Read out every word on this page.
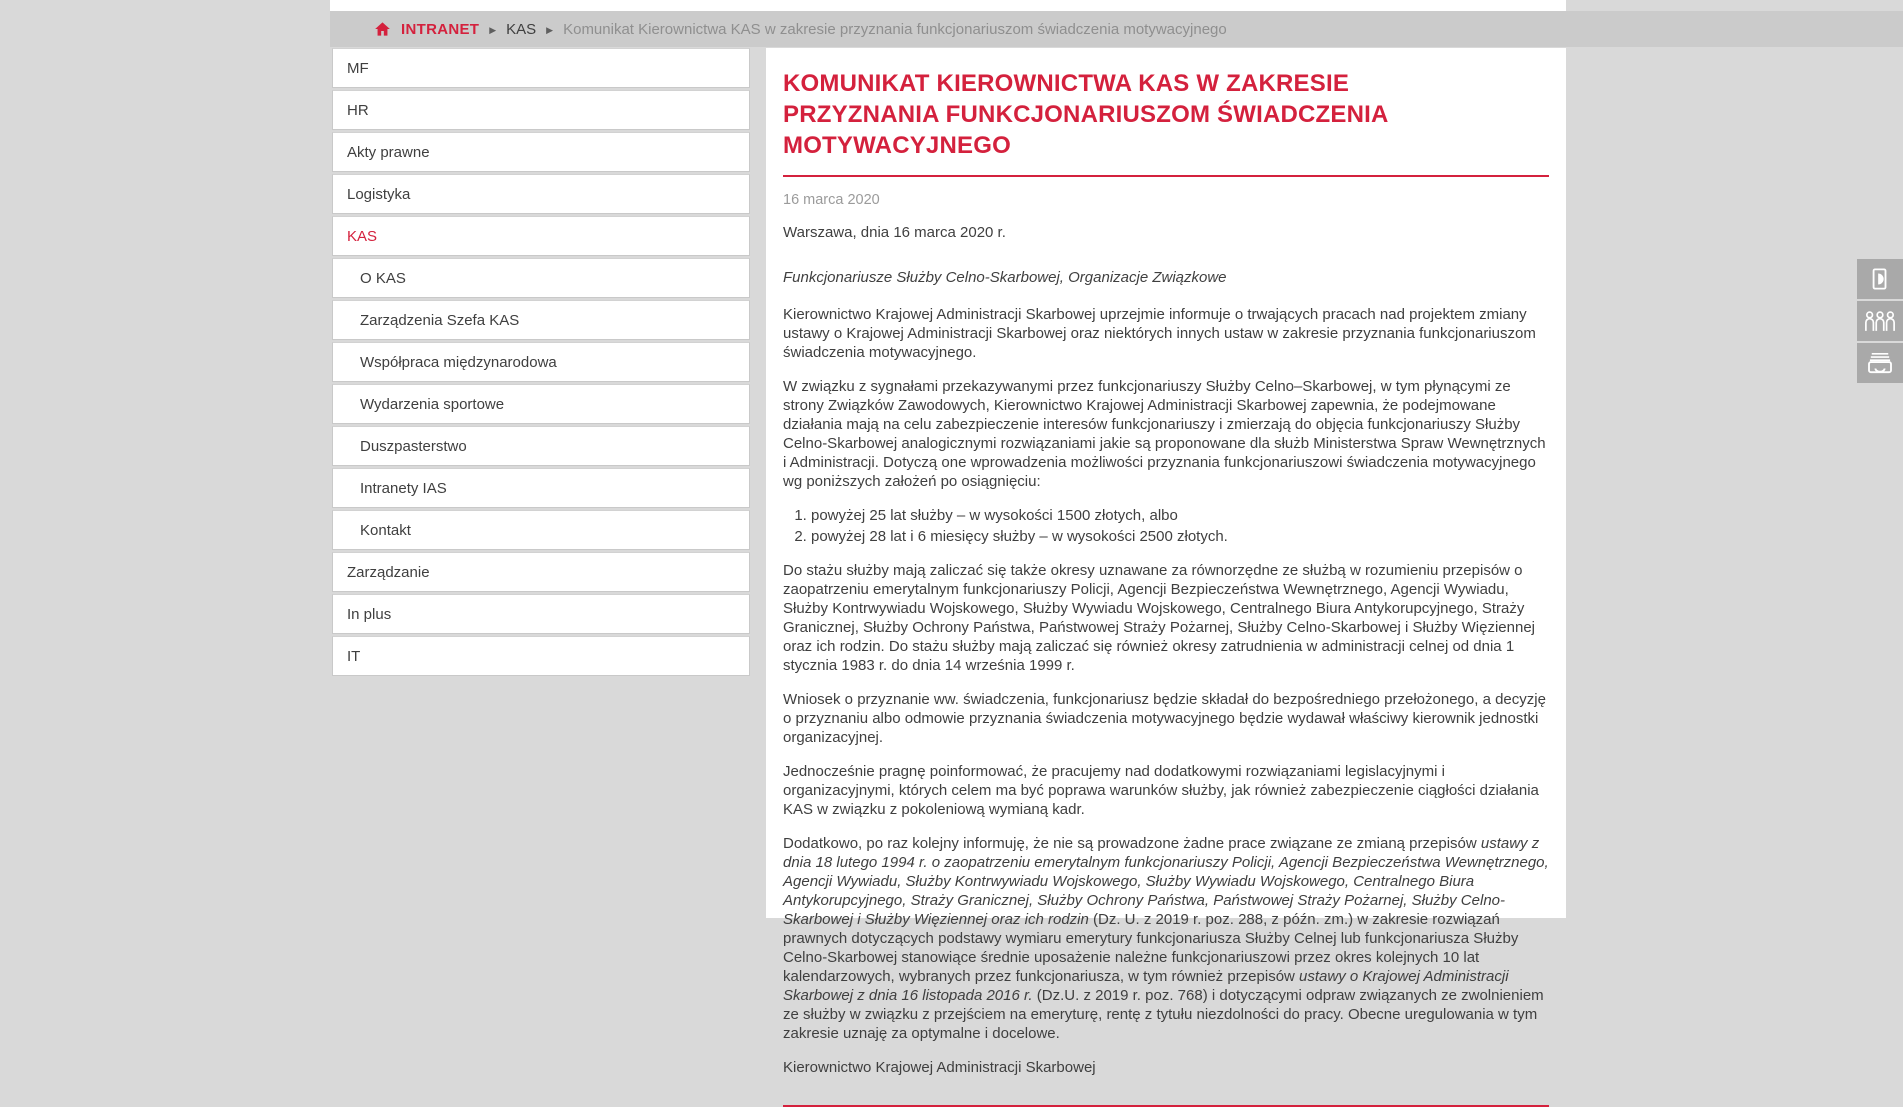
INTRANET ▶ KAS ▶ Komunikat Kierownictwa KAS w zakresie przyznania funkcjonariuszom świadczenia motywacyjnego
MF
HR
Akty prawne
Logistyka
KAS
O KAS
Zarządzenia Szefa KAS
Współpraca międzynarodowa
Wydarzenia sportowe
Duszpasterstwo
Intranety IAS
Kontakt
Zarządzanie
In plus
IT
KOMUNIKAT KIEROWNICTWA KAS W ZAKRESIE PRZYZNANIA FUNKCJONARIUSZOM ŚWIADCZENIA MOTYWACYJNEGO
16 marca 2020

Warszawa, dnia 16 marca 2020 r.

Funkcjonariusze Służby Celno-Skarbowej, Organizacje Związkowe

Kierownictwo Krajowej Administracji Skarbowej uprzejmie informuje o trwających pracach nad projektem zmiany ustawy o Krajowej Administracji Skarbowej oraz niektórych innych ustaw w zakresie przyznania funkcjonariuszom świadczenia motywacyjnego.

W związku z sygnałami przekazywanymi przez funkcjonariuszy Służby Celno–Skarbowej, w tym płynącymi ze strony Związków Zawodowych, Kierownictwo Krajowej Administracji Skarbowej zapewnia, że podejmowane działania mają na celu zabezpieczenie interesów funkcjonariuszy i zmierzają do objęcia funkcjonariuszy Służby Celno-Skarbowej analogicznymi rozwiązaniami jakie są proponowane dla służb Ministerstwa Spraw Wewnętrznych i Administracji. Dotyczą one wprowadzenia możliwości przyznania funkcjonariuszowi świadczenia motywacyjnego wg poniższych założeń po osiągnięciu:

1. powyżej 25 lat służby – w wysokości 1500 złotych, albo
2. powyżej 28 lat i 6 miesięcy służby – w wysokości 2500 złotych.

Do stażu służby mają zaliczać się także okresy uznawane za równorzędne ze służbą w rozumieniu przepisów o zaopatrzeniu emerytalnym funkcjonariuszy Policji, Agencji Bezpieczeństwa Wewnętrznego, Agencji Wywiadu, Służby Kontrwywiadu Wojskowego, Służby Wywiadu Wojskowego, Centralnego Biura Antykorupcyjnego, Straży Granicznej, Służby Ochrony Państwa, Państwowej Straży Pożarnej, Służby Celno-Skarbowej i Służby Więziennej oraz ich rodzin. Do stażu służby mają zaliczać się również okresy zatrudnienia w administracji celnej od dnia 1 stycznia 1983 r. do dnia 14 września 1999 r.

Wniosek o przyznanie ww. świadczenia, funkcjonariusz będzie składał do bezpośredniego przełożonego, a decyzję o przyznaniu albo odmowie przyznania świadczenia motywacyjnego będzie wydawał właściwy kierownik jednostki organizacyjnej.

Jednocześnie pragnę poinformować, że pracujemy nad dodatkowymi rozwiązaniami legislacyjnymi i organizacyjnymi, których celem ma być poprawa warunków służby, jak również zabezpieczenie ciągłości działania KAS w związku z pokoleniową wymianą kadr.

Dodatkowo, po raz kolejny informuję, że nie są prowadzone żadne prace związane ze zmianą przepisów ustawy z dnia 18 lutego 1994 r. o zaopatrzeniu emerytalnym funkcjonariuszy Policji, Agencji Bezpieczeństwa Wewnętrznego, Agencji Wywiadu, Służby Kontrwywiadu Wojskowego, Służby Wywiadu Wojskowego, Centralnego Biura Antykorupcyjnego, Straży Granicznej, Służby Ochrony Państwa, Państwowej Straży Pożarnej, Służby Celno-Skarbowej i Służby Więziennej oraz ich rodzin (Dz. U. z 2019 r. poz. 288, z późn. zm.) w zakresie rozwiązań prawnych dotyczących podstawy wymiaru emerytury funkcjonariusza Służby Celnej lub funkcjonariusza Służby Celno-Skarbowej stanowiące średnie uposażenie należne funkcjonariuszowi przez okres kolejnych 10 lat kalendarzowych, wybranych przez funkcjonariusza, w tym również przepisów ustawy o Krajowej Administracji Skarbowej z dnia 16 listopada 2016 r. (Dz.U. z 2019 r. poz. 768) i dotyczącymi odpraw związanych ze zwolnieniem ze służby w związku z przejściem na emeryturę, rentę z tytułu niezdolności do pracy. Obecne uregulowania w tym zakresie uznaję za optymalne i docelowe.

Kierownictwo Krajowej Administracji Skarbowej
